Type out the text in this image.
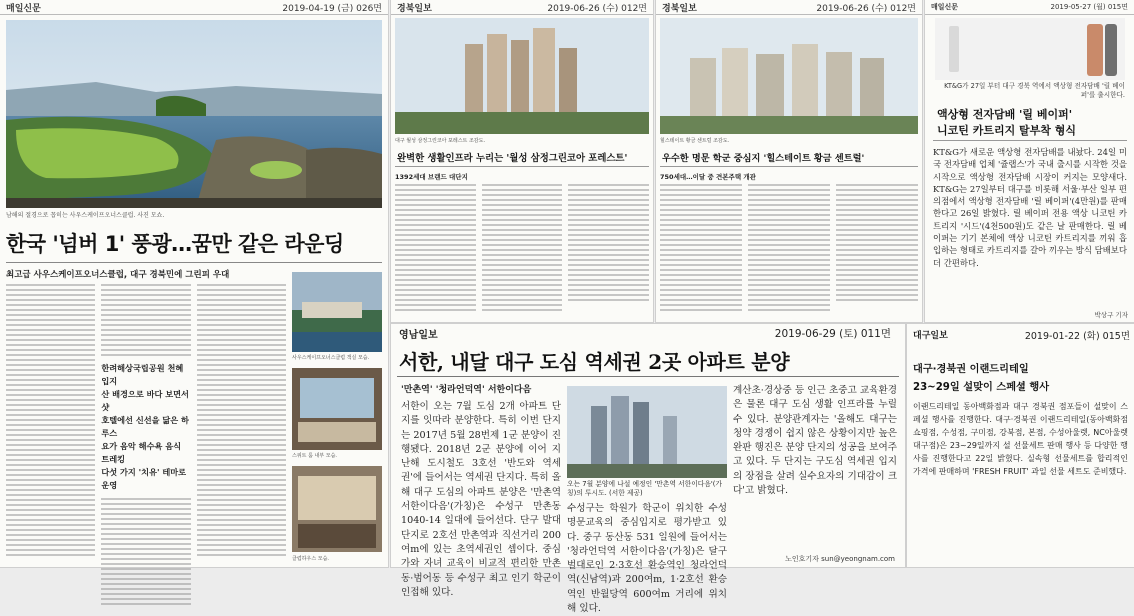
매일신문	2019-04-19 (금) 026면
남해의 절경으로 꼽히는 사우스케이프오너스클럽. 사진 모쇼.
한국 '넘버 1' 풍광…꿈만 같은 라운딩
최고급 사우스케이프오너스클럽, 대구 경북민에 그린피 우대
한려해상국립공원 천혜 입지
산 배경으로 바다 보면서 샷
호텔에선 신선을 닮은 하루스
요가 음악 해수욕 음식 트레킹
다섯 가지 '치유' 테마로 운영
사우스케이프오너스클럽 객실 모습.
스위트 룸 내부 모습.
클럽하우스 모습.
경북일보	2019-06-26 (수) 012면
대구 월성 삼정그린코아 포레스트 조감도.
완벽한 생활인프라 누리는 '월성 삼정그린코아 포레스트'
1392세대 브랜드 대단지
경북일보	2019-06-26 (수) 012면
힐스테이트 황금 센트럴 조감도.
우수한 명문 학군 중심지 '힐스테이트 황금 센트럴'
750세대…이달 중 견본주택 개관
매일신문	2019-05-27 (월) 015면
KT&G가 27일 부터 대구 경북 역에서 액상형 전자담배 '릴 베이퍼'를 출시한다.
액상형 전자담배 '릴 베이퍼'
니코틴 카트리지 탈부착 형식
KT&G가 새로운 액상형 전자담배를 내놨다. 24일 미국 전자담배 업체 '쥴랩스'가 국내 출시를 시작한 것을 시작으로 액상형 전자담배 시장이 커지는 모양새다. KT&G는 27일부터 대구를 비롯해 서울·부산 일부 편의점에서 액상형 전자담배 '릴 베이퍼'(4만원)를 판매한다고 26일 밝혔다. 릴 베이퍼 전용 액상 니코틴 카트리지 '시드'(4천500원)도 같은 날 판매한다. 릴 베이퍼는 기기 본체에 액상 니코틴 카트리지를 끼워 흡입하는 형태로 카트리지를 갈아 끼우는 방식 담배보다 더 간편하다.
박상구 기자
영남일보	2019-06-29 (토) 011면
서한, 내달 대구 도심 역세권 2곳 아파트 분양
'만촌역' '청라언덕역' 서한이다음
서한이 오는 7월 도심 2개 아파트 단지를 잇따라 분양한다. 특히 이번 단지는 2017년 5월 28번제 1군 분양이 진행됐다. 2018년 2군 분양에 이어 지난해 도시철도 3호선 '반도와 역세권'에 들어서는 역세권 단지다. 특히 올해 대구 도심의 아파트 분양은 '만촌역 서한이다음'(가칭)은 수성구 만촌동 1040-14 일대에 들어선다. 단구 발대단지로 2호선 만촌역과 직선거리 200여m에 있는 초역세권인 셈이다. 중심가와 자녀 교육이 비교적 편리한 만촌동·범어동 등 수성구 최고 인기 학군이 인접해 있다.
오는 7월 분양에 나설 예정인 '만촌역 서한이다음'(가칭)의 투시도. (서한 제공)
수성구는 학원가 학군이 위치한 수성명문교육의 중심입지로 평가받고 있다. 중구 동산동 531 일원에 들어서는 '청라언덕역 서한이다음'(가칭)은 달구벌대로인 2·3호선 환승역인 청라언덕역(신남역)과 200여m, 1·2호선 환승역인 반월당역 600여m 거리에 위치해 있다.
계산초·경상중 등 인근 초중고 교육환경은 물론 대구 도심 생활 인프라를 누릴 수 있다. 분양관계자는 '올해도 대구는 청약 경쟁이 쉽지 않은 상황이지만 높은 완판 행진은 분양 단지의 성공을 보여주고 있다. 두 단지는 구도심 역세권 입지의 장점을 살려 실수요자의 기대감이 크다'고 밝혔다.
노인호기자 sun@yeongnam.com
대구일보	2019-01-22 (화) 015면
대구·경북권 이랜드리테일
23~29일 설맞이 스페셜 행사
이랜드리테일 동아백화점과 대구 경북권 점포들이 설맞이 스페셜 행사를 진행한다. 대구·경북권 이랜드리테일(동아백화점 쇼핑점, 수성점, 구미점, 강북점, 본점, 수성아울렛, NC아울렛 대구점)은 23~29일까지 설 선물세트 판매 행사 등 다양한 행사를 진행한다고 22일 밝혔다. 실속형 선물세트를 합리적인 가격에 판매하며 'FRESH FRUIT' 과일 선물 세트도 준비했다.
